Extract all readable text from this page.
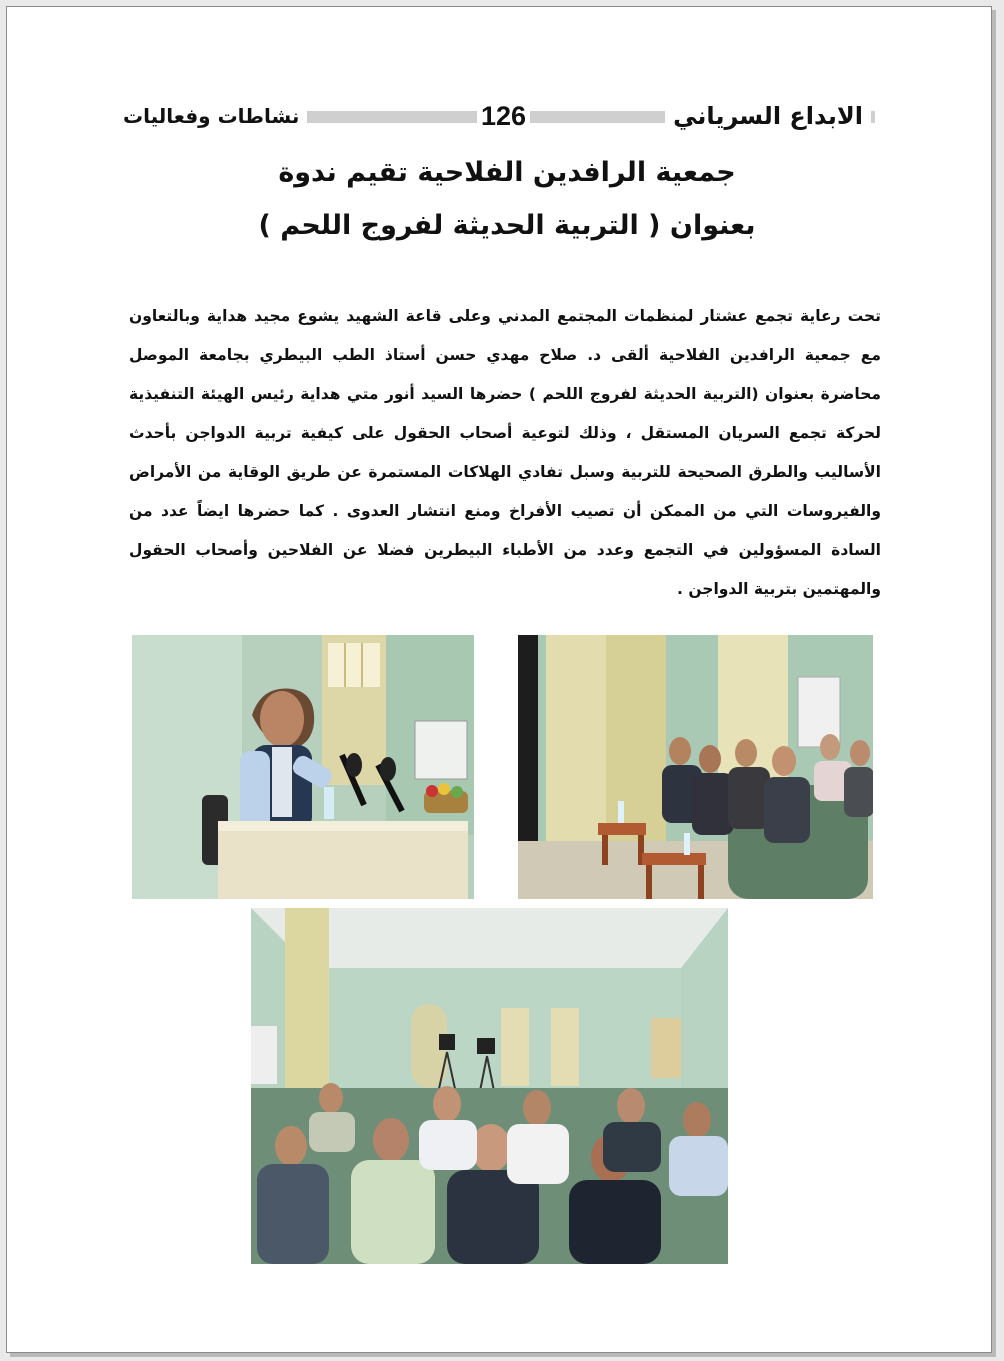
الابداع السرياني
126
نشاطات وفعاليات
جمعية الرافدين الفلاحية تقيم ندوة
بعنوان ( التربية الحديثة لفروج اللحم )

تحت رعاية تجمع عشتار لمنظمات المجتمع المدني وعلى قاعة الشهيد يشوع مجيد هداية وبالتعاون مع جمعية الرافدين الفلاحية ألقى د. صلاح مهدي حسن أستاذ الطب البيطري بجامعة الموصل محاضرة بعنوان (التربية الحديثة لفروج اللحم ) حضرها السيد أنور متي هداية رئيس الهيئة التنفيذية لحركة تجمع السريان المستقل ، وذلك لتوعية أصحاب الحقول على كيفية تربية الدواجن بأحدث الأساليب والطرق الصحيحة للتربية وسبل تفادي الهلاكات المستمرة عن طريق الوقاية من الأمراض والفيروسات التي من الممكن أن تصيب الأفراخ ومنع انتشار العدوى . كما حضرها ايضاً عدد من السادة المسؤولين في التجمع وعدد من الأطباء البيطرين فضلا عن الفلاحين وأصحاب الحقول والمهتمين بتربية الدواجن .
